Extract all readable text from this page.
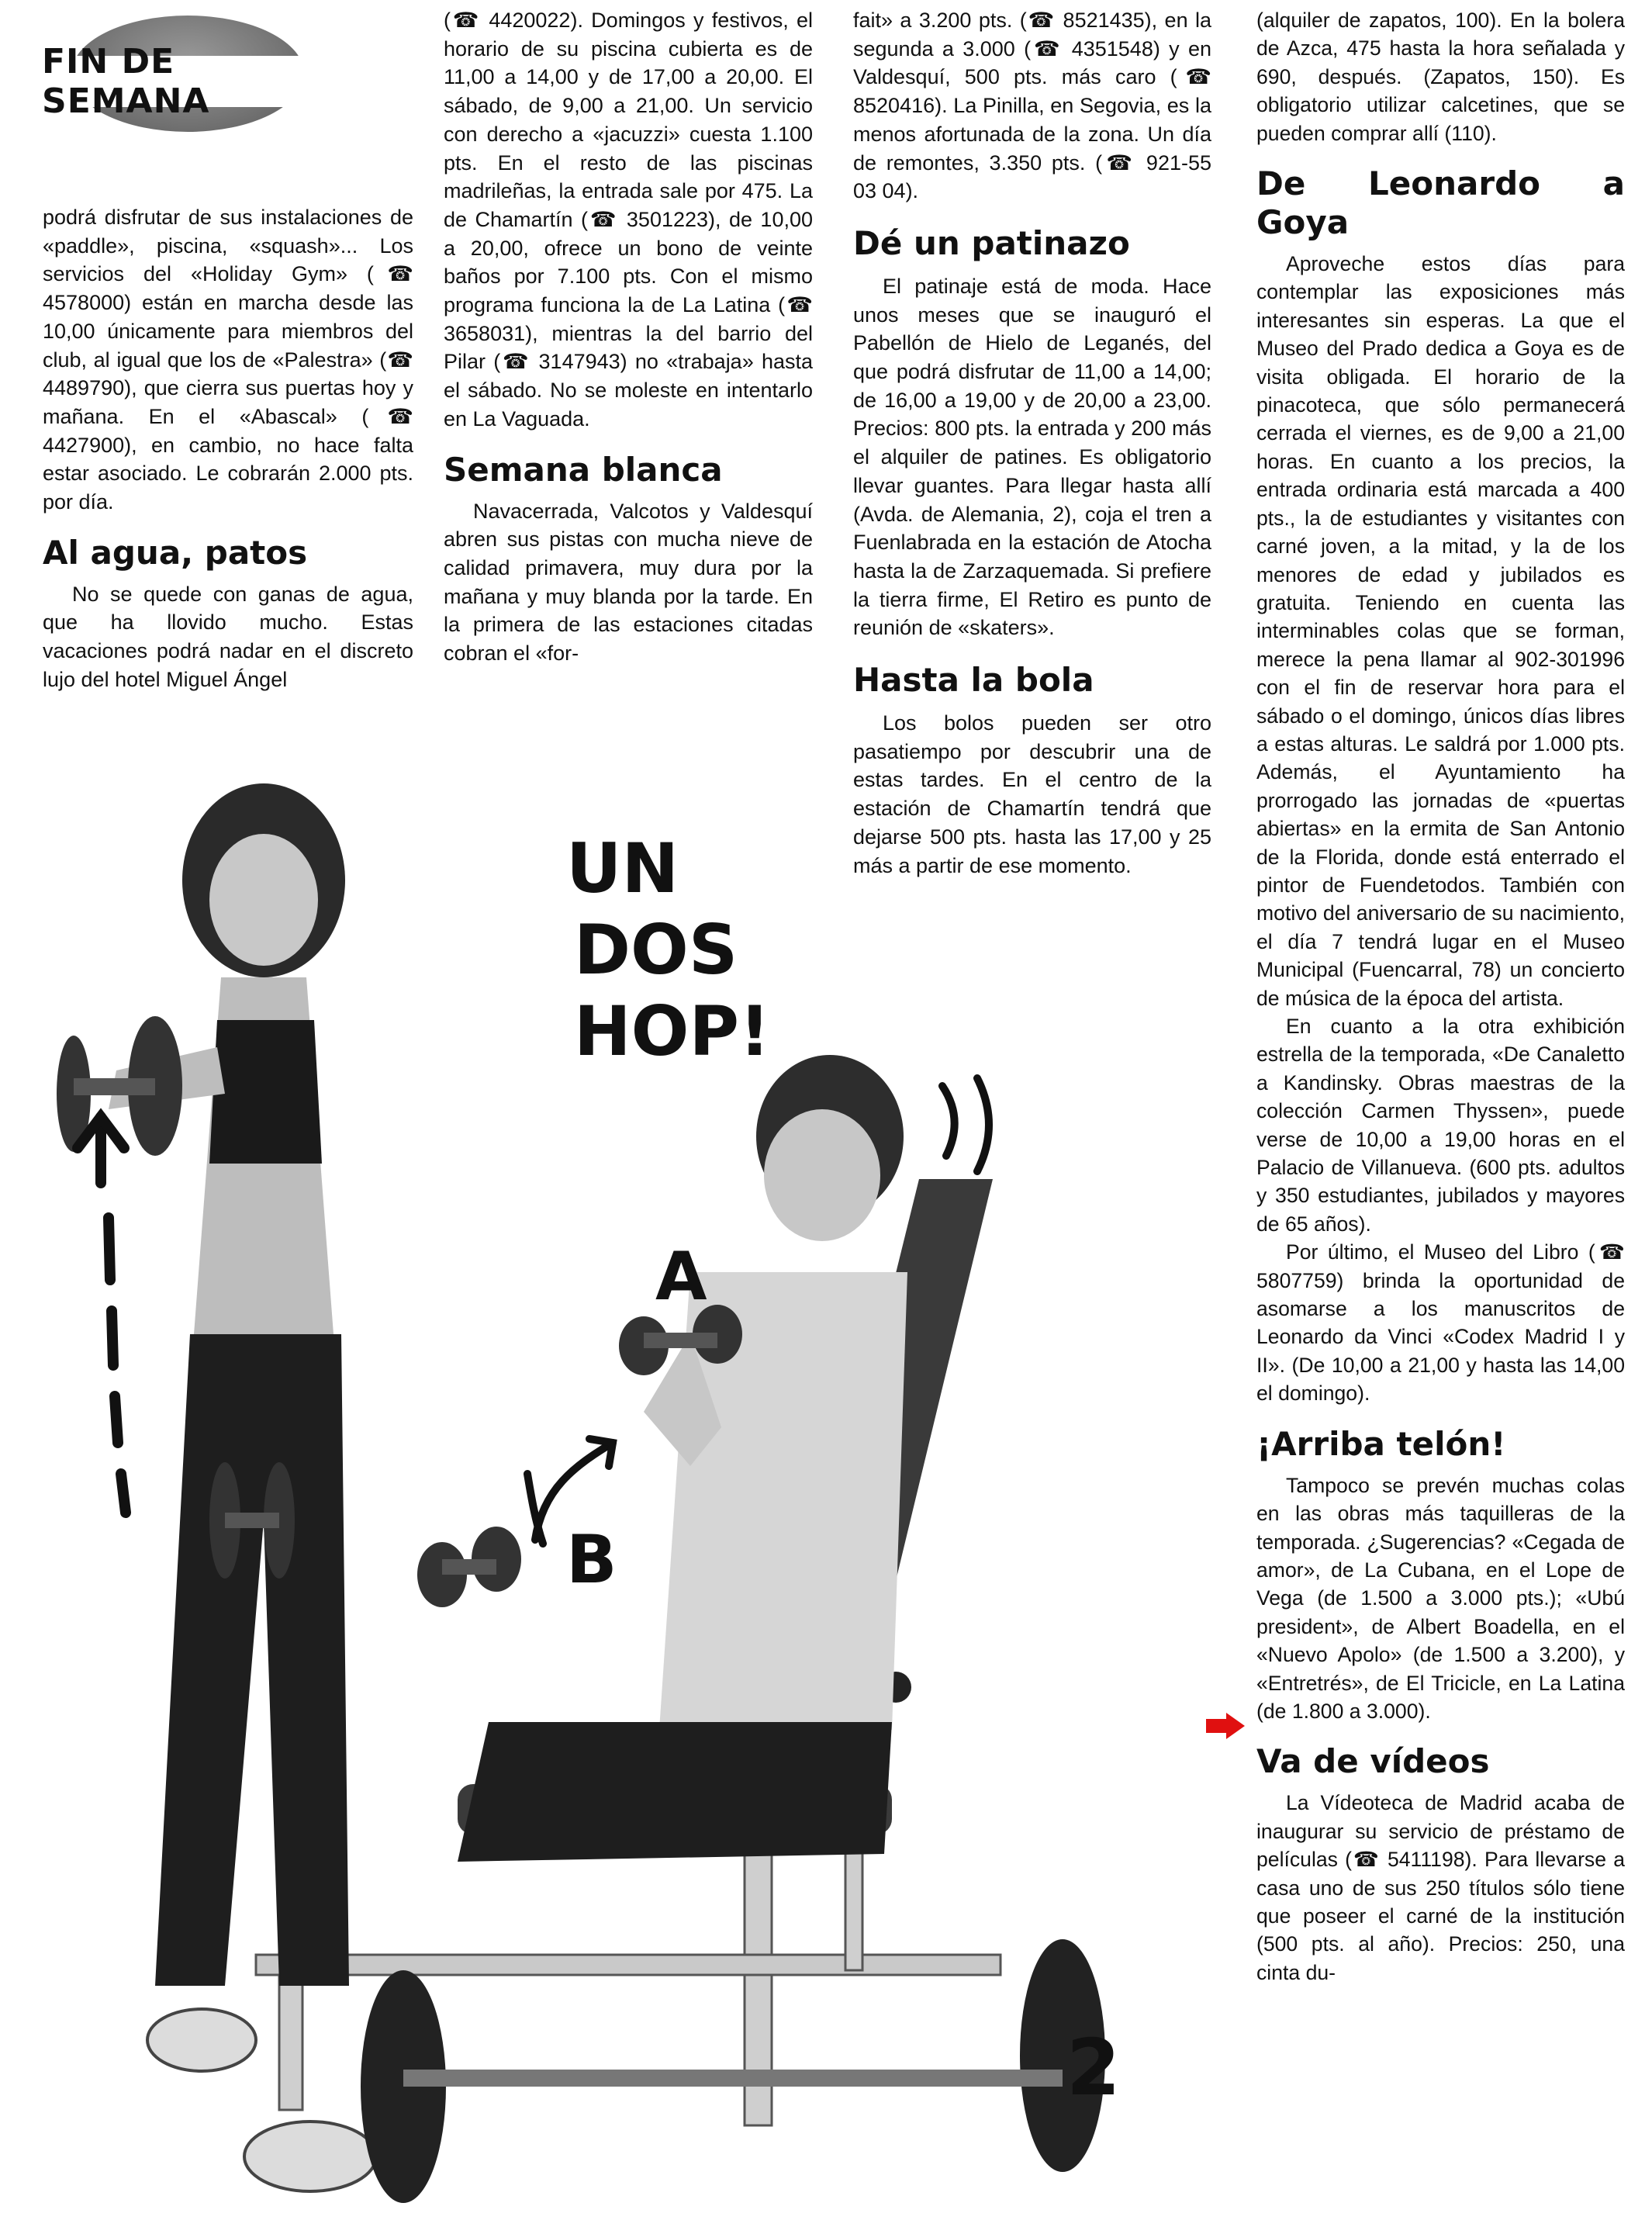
FIN DE SEMANA

podrá disfrutar de sus instalaciones de «paddle», piscina, «squash»... Los servicios del «Holiday Gym» (☎ 4578000) están en marcha desde las 10,00 únicamente para miembros del club, al igual que los de «Palestra» (☎ 4489790), que cierra sus puertas hoy y mañana. En el «Abascal» (☎ 4427900), en cambio, no hace falta estar asociado. Le cobrarán 2.000 pts. por día.

Al agua, patos

No se quede con ganas de agua, que ha llovido mucho. Estas vacaciones podrá nadar en el discreto lujo del hotel Miguel Ángel

(☎ 4420022). Domingos y festivos, el horario de su piscina cubierta es de 11,00 a 14,00 y de 17,00 a 20,00. El sábado, de 9,00 a 21,00. Un servicio con derecho a «jacuzzi» cuesta 1.100 pts. En el resto de las piscinas madrileñas, la entrada sale por 475. La de Chamartín (☎ 3501223), de 10,00 a 20,00, ofrece un bono de veinte baños por 7.100 pts. Con el mismo programa funciona la de La Latina (☎ 3658031), mientras la del barrio del Pilar (☎ 3147943) no «trabaja» hasta el sábado. No se moleste en intentarlo en La Vaguada.

Semana blanca

Navacerrada, Valcotos y Valdesquí abren sus pistas con mucha nieve de calidad primavera, muy dura por la mañana y muy blanda por la tarde. En la primera de las estaciones citadas cobran el «for-

fait» a 3.200 pts. (☎ 8521435), en la segunda a 3.000 (☎ 4351548) y en Valdesquí, 500 pts. más caro (☎ 8520416). La Pinilla, en Segovia, es la menos afortunada de la zona. Un día de remontes, 3.350 pts. (☎ 921-55 03 04).

Dé un patinazo

El patinaje está de moda. Hace unos meses que se inauguró el Pabellón de Hielo de Leganés, del que podrá disfrutar de 11,00 a 14,00; de 16,00 a 19,00 y de 20,00 a 23,00. Precios: 800 pts. la entrada y 200 más el alquiler de patines. Es obligatorio llevar guantes. Para llegar hasta allí (Avda. de Alemania, 2), coja el tren a Fuenlabrada en la estación de Atocha hasta la de Zarzaquemada. Si prefiere la tierra firme, El Retiro es punto de reunión de «skaters».

Hasta la bola

Los bolos pueden ser otro pasatiempo por descubrir una de estas tardes. En el centro de la estación de Chamartín tendrá que dejarse 500 pts. hasta las 17,00 y 25 más a partir de ese momento.

(alquiler de zapatos, 100). En la bolera de Azca, 475 hasta la hora señalada y 690, después. (Zapatos, 150). Es obligatorio utilizar calcetines, que se pueden comprar allí (110).

De Leonardo a Goya

Aproveche estos días para contemplar las exposiciones más interesantes sin esperas. La que el Museo del Prado dedica a Goya es de visita obligada. El horario de la pinacoteca, que sólo permanecerá cerrada el viernes, es de 9,00 a 21,00 horas. En cuanto a los precios, la entrada ordinaria está marcada a 400 pts., la de estudiantes y visitantes con carné joven, a la mitad, y la de los menores de edad y jubilados es gratuita. Teniendo en cuenta las interminables colas que se forman, merece la pena llamar al 902-301996 con el fin de reservar hora para el sábado o el domingo, únicos días libres a estas alturas. Le saldrá por 1.000 pts. Además, el Ayuntamiento ha prorrogado las jornadas de «puertas abiertas» en la ermita de San Antonio de la Florida, donde está enterrado el pintor de Fuendetodos. También con motivo del aniversario de su nacimiento, el día 7 tendrá lugar en el Museo Municipal (Fuencarral, 78) un concierto de música de la época del artista.

En cuanto a la otra exhibición estrella de la temporada, «De Canaletto a Kandinsky. Obras maestras de la colección Carmen Thyssen», puede verse de 10,00 a 19,00 horas en el Palacio de Villanueva. (600 pts. adultos y 350 estudiantes, jubilados y mayores de 65 años).

Por último, el Museo del Libro (☎ 5807759) brinda la oportunidad de asomarse a los manuscritos de Leonardo da Vinci «Codex Madrid I y II». (De 10,00 a 21,00 y hasta las 14,00 el domingo).

¡Arriba telón!

Tampoco se prevén muchas colas en las obras más taquilleras de la temporada. ¿Sugerencias? «Cegada de amor», de La Cubana, en el Lope de Vega (de 1.500 a 3.000 pts.); «Ubú president», de Albert Boadella, en el «Nuevo Apolo» (de 1.500 a 3.200), y «Entretrés», de El Tricicle, en La Latina (de 1.800 a 3.000).

Va de vídeos

La Vídeoteca de Madrid acaba de inaugurar su servicio de préstamo de películas (☎ 5411198). Para llevarse a casa uno de sus 250 títulos sólo tiene que poseer el carné de la institución (500 pts. al año). Precios: 250, una cinta du-

UN
DOS
HOP!
A
B
2
